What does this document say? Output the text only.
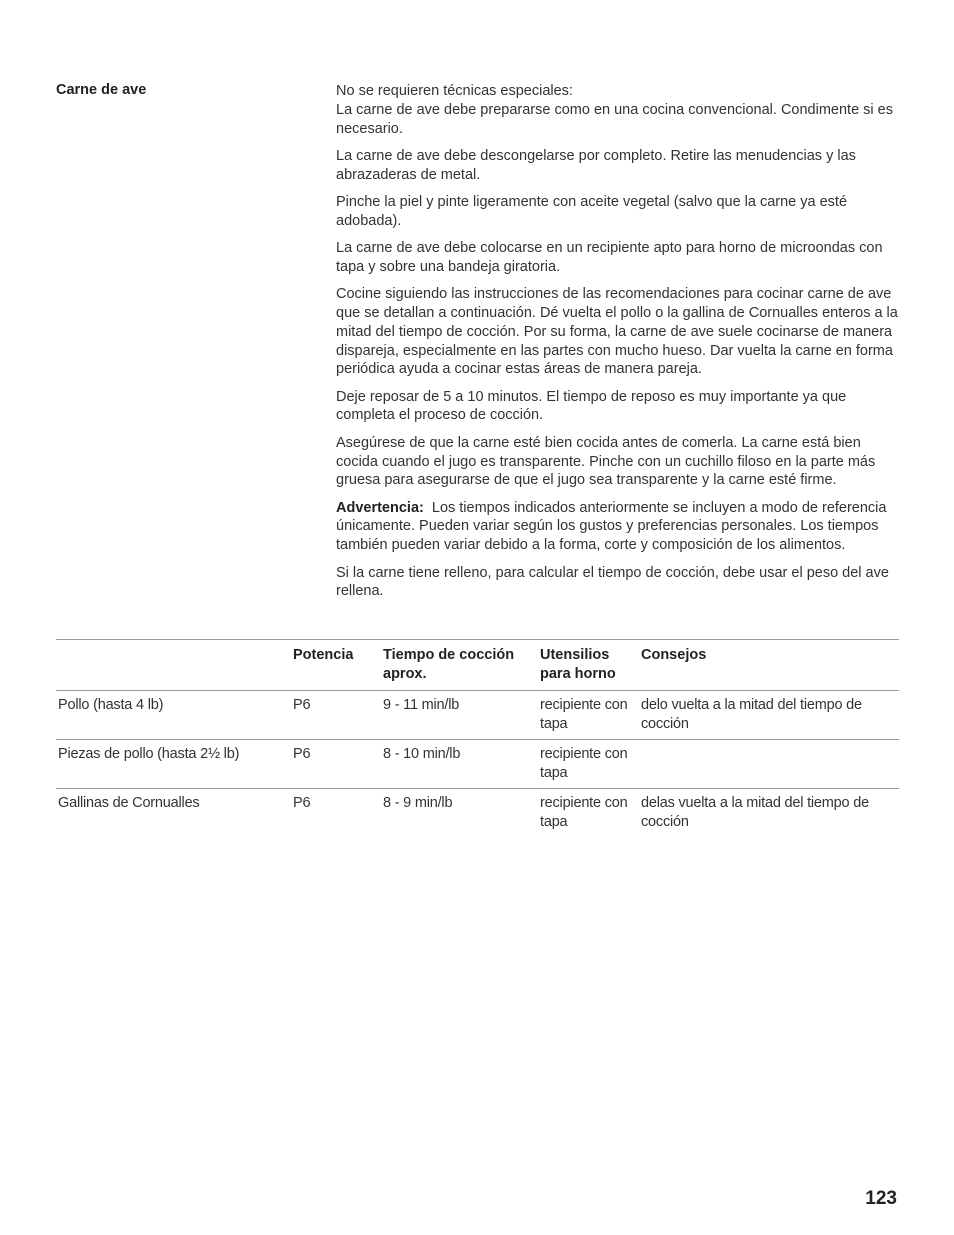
Carne de ave	No se requieren técnicas especiales:
La carne de ave debe prepararse como en una cocina convencional. Condimente si es necesario.

La carne de ave debe descongelarse por completo. Retire las menudencias y las abrazaderas de metal.

Pinche la piel y pinte ligeramente con aceite vegetal (salvo que la carne ya esté adobada).

La carne de ave debe colocarse en un recipiente apto para horno de microondas con tapa y sobre una bandeja giratoria.

Cocine siguiendo las instrucciones de las recomendaciones para cocinar carne de ave que se detallan a continuación. Dé vuelta el pollo o la gallina de Cornualles enteros a la mitad del tiempo de cocción. Por su forma, la carne de ave suele cocinarse de manera dispareja, especialmente en las partes con mucho hueso. Dar vuelta la carne en forma periódica ayuda a cocinar estas áreas de manera pareja.

Deje reposar de 5 a 10 minutos. El tiempo de reposo es muy importante ya que completa el proceso de cocción.

Asegúrese de que la carne esté bien cocida antes de comerla. La carne está bien cocida cuando el jugo es transparente. Pinche con un cuchillo filoso en la parte más gruesa para asegurarse de que el jugo sea transparente y la carne esté firme.

Advertencia: Los tiempos indicados anteriormente se incluyen a modo de referencia únicamente. Pueden variar según los gustos y preferencias personales. Los tiempos también pueden variar debido a la forma, corte y composición de los alimentos.

Si la carne tiene relleno, para calcular el tiempo de cocción, debe usar el peso del ave rellena.

	Potencia	Tiempo de cocción aprox.	Utensilios para horno	Consejos
Pollo (hasta 4 lb)	P6	9 - 11 min/lb	recipiente con tapa	delo vuelta a la mitad del tiempo de cocción
Piezas de pollo (hasta 2½ lb)	P6	8 - 10 min/lb	recipiente con tapa	
Gallinas de Cornualles	P6	8 - 9 min/lb	recipiente con tapa	delas vuelta a la mitad del tiempo de cocción
123
